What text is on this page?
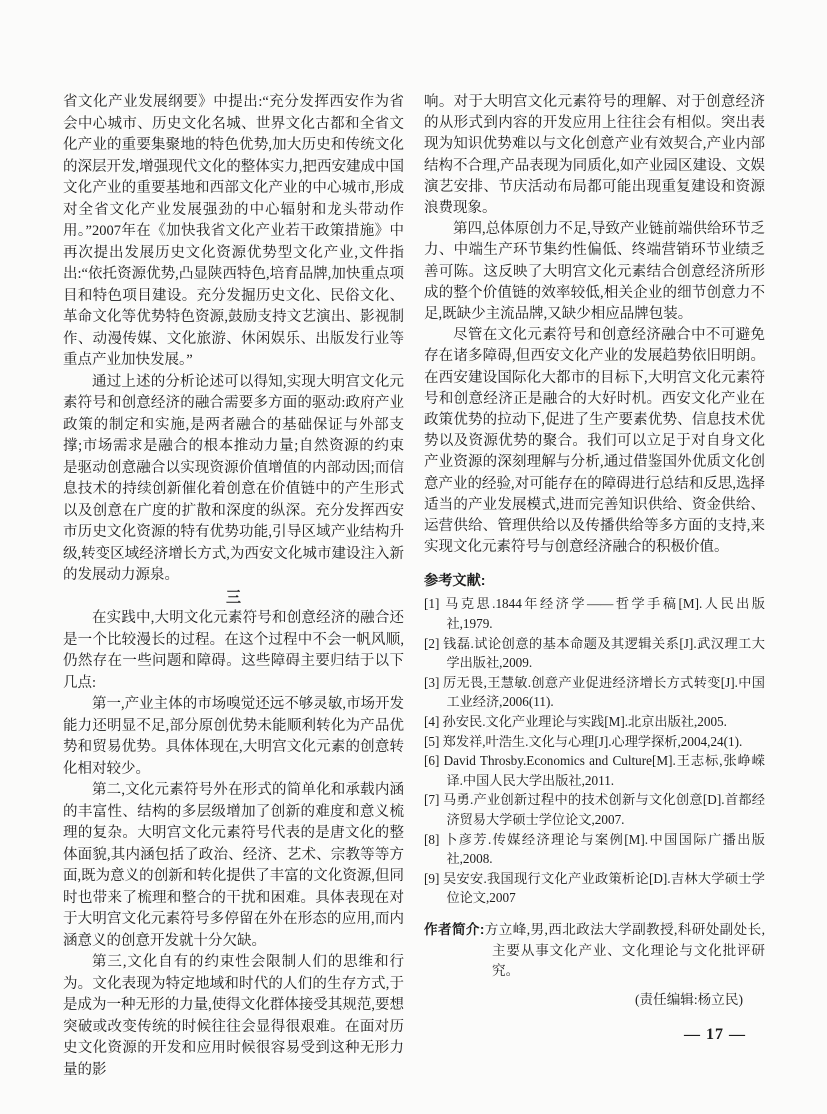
省文化产业发展纲要》中提出:“充分发挥西安作为省会中心城市、历史文化名城、世界文化古都和全省文化产业的重要集聚地的特色优势,加大历史和传统文化的深层开发,增强现代文化的整体实力,把西安建成中国文化产业的重要基地和西部文化产业的中心城市,形成对全省文化产业发展强劲的中心辐射和龙头带动作用。”2007年在《加快我省文化产业若干政策措施》中再次提出发展历史文化资源优势型文化产业,文件指出:“依托资源优势,凸显陕西特色,培育品牌,加快重点项目和特色项目建设。充分发掘历史文化、民俗文化、革命文化等优势特色资源,鼓励支持文艺演出、影视制作、动漫传媒、文化旅游、休闲娱乐、出版发行业等重点产业加快发展。”

通过上述的分析论述可以得知,实现大明宫文化元素符号和创意经济的融合需要多方面的驱动:政府产业政策的制定和实施,是两者融合的基础保证与外部支撑;市场需求是融合的根本推动力量;自然资源的约束是驱动创意融合以实现资源价值增值的内部动因;而信息技术的持续创新催化着创意在价值链中的产生形式以及创意在广度的扩散和深度的纵深。充分发挥西安市历史文化资源的特有优势功能,引导区域产业结构升级,转变区域经济增长方式,为西安文化城市建设注入新的发展动力源泉。

三

在实践中,大明文化元素符号和创意经济的融合还是一个比较漫长的过程。在这个过程中不会一帆风顺,仍然存在一些问题和障碍。这些障碍主要归结于以下几点:

第一,产业主体的市场嗅觉还远不够灵敏,市场开发能力还明显不足,部分原创优势未能顺利转化为产品优势和贸易优势。具体体现在,大明宫文化元素的创意转化相对较少。

第二,文化元素符号外在形式的简单化和承载内涵的丰富性、结构的多层级增加了创新的难度和意义梳理的复杂。大明宫文化元素符号代表的是唐文化的整体面貌,其内涵包括了政治、经济、艺术、宗教等等方面,既为意义的创新和转化提供了丰富的文化资源,但同时也带来了梳理和整合的干扰和困难。具体表现在对于大明宫文化元素符号多停留在外在形态的应用,而内涵意义的创意开发就十分欠缺。

第三,文化自有的约束性会限制人们的思维和行为。文化表现为特定地域和时代的人们的生存方式,于是成为一种无形的力量,使得文化群体接受其规范,要想突破或改变传统的时候往往会显得很艰难。在面对历史文化资源的开发和应用时候很容易受到这种无形力量的影

响。对于大明宫文化元素符号的理解、对于创意经济的从形式到内容的开发应用上往往会有相似。突出表现为知识优势难以与文化创意产业有效契合,产业内部结构不合理,产品表现为同质化,如产业园区建设、文娱演艺安排、节庆活动布局都可能出现重复建设和资源浪费现象。

第四,总体原创力不足,导致产业链前端供给环节乏力、中端生产环节集约性偏低、终端营销环节业绩乏善可陈。这反映了大明宫文化元素结合创意经济所形成的整个价值链的效率较低,相关企业的细节创意力不足,既缺少主流品牌,又缺少相应品牌包装。

尽管在文化元素符号和创意经济融合中不可避免存在诸多障碍,但西安文化产业的发展趋势依旧明朗。在西安建设国际化大都市的目标下,大明宫文化元素符号和创意经济正是融合的大好时机。西安文化产业在政策优势的拉动下,促进了生产要素优势、信息技术优势以及资源优势的聚合。我们可以立足于对自身文化产业资源的深刻理解与分析,通过借鉴国外优质文化创意产业的经验,对可能存在的障碍进行总结和反思,选择适当的产业发展模式,进而完善知识供给、资金供给、运营供给、管理供给以及传播供给等多方面的支持,来实现文化元素符号与创意经济融合的积极价值。

参考文献:

[1] 马克思.1844年经济学——哲学手稿[M].人民出版社,1979.

[2] 钱磊.试论创意的基本命题及其逻辑关系[J].武汉理工大学出版社,2009.

[3] 厉无畏,王慧敏.创意产业促进经济增长方式转变[J].中国工业经济,2006(11).

[4] 孙安民.文化产业理论与实践[M].北京出版社,2005.

[5] 郑发祥,叶浩生.文化与心理[J].心理学探析,2004,24(1).

[6] David Throsby.Economics and Culture[M].王志标,张峥嵘译.中国人民大学出版社,2011.

[7] 马勇.产业创新过程中的技术创新与文化创意[D].首都经济贸易大学硕士学位论文,2007.

[8] 卜彦芳.传媒经济理论与案例[M].中国国际广播出版社,2008.

[9] 吴安安.我国现行文化产业政策析论[D].吉林大学硕士学位论文,2007

作者简介:方立峰,男,西北政法大学副教授,科研处副处长,主要从事文化产业、文化理论与文化批评研究。

(责任编辑:杨立民)

— 17 —
